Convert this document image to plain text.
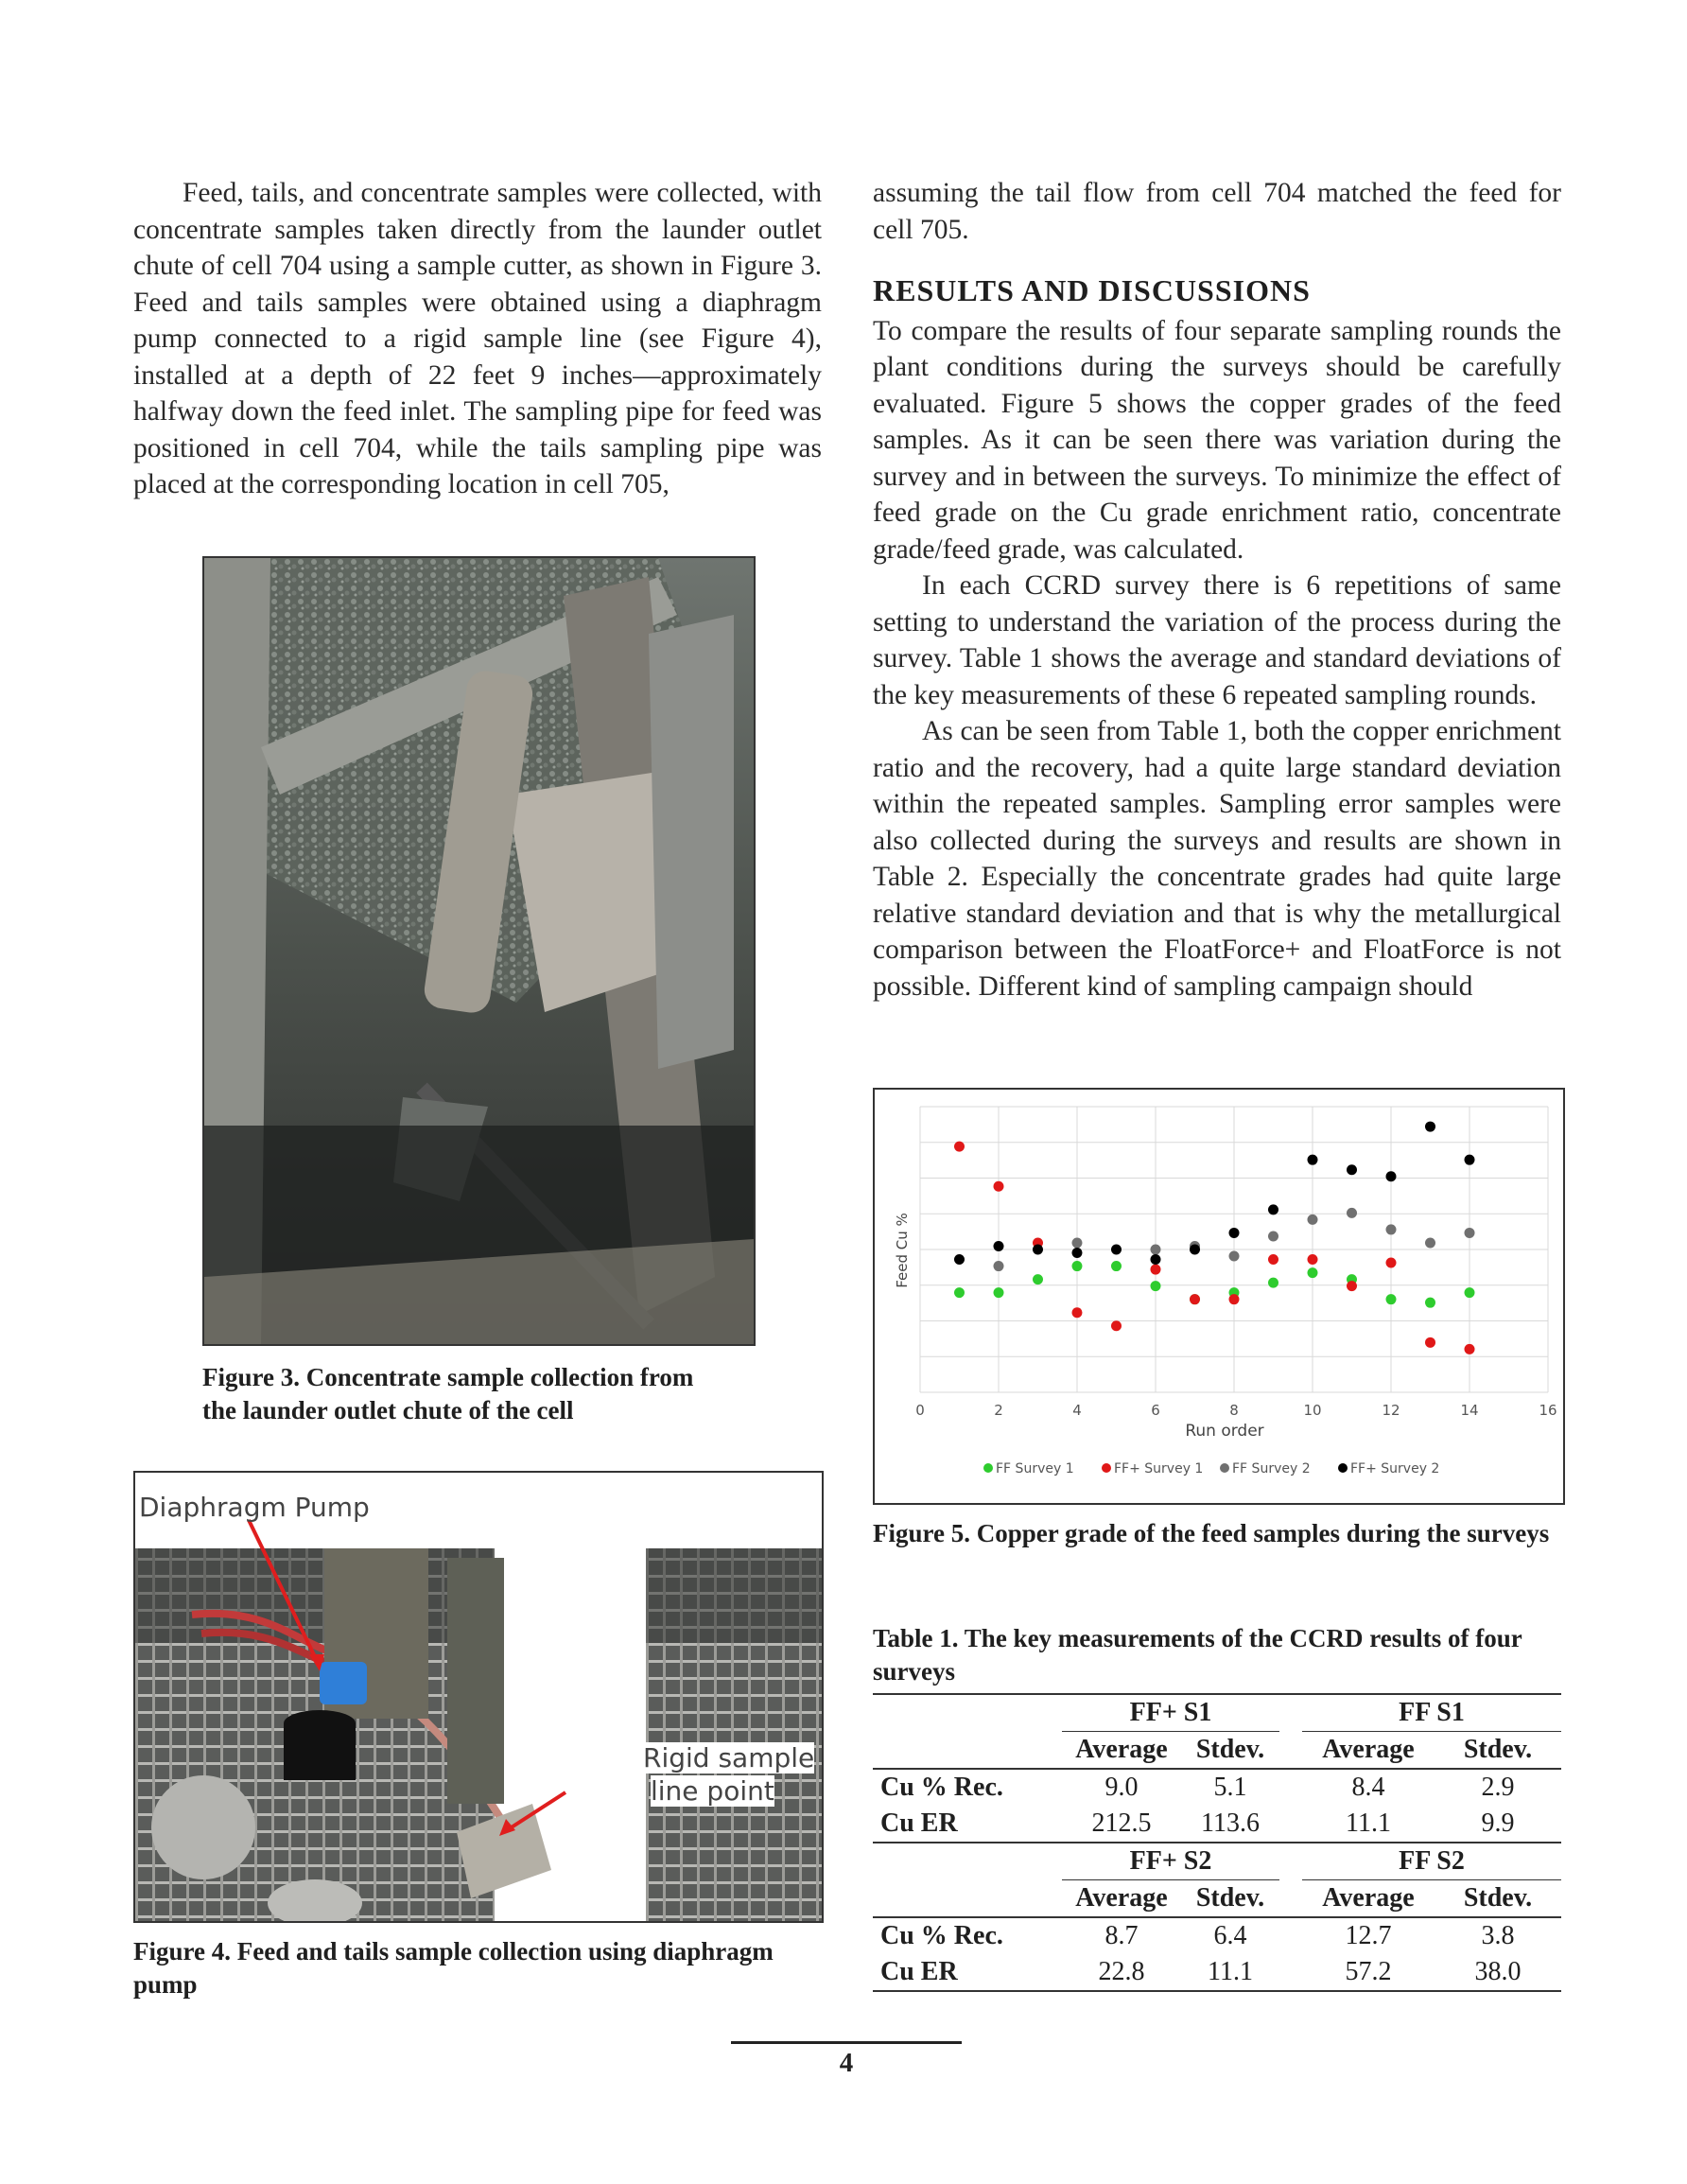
Feed, tails, and concentrate samples were collected, with concentrate samples taken directly from the launder outlet chute of cell 704 using a sample cutter, as shown in Figure 3. Feed and tails samples were obtained using a diaphragm pump connected to a rigid sample line (see Figure 4), installed at a depth of 22 feet 9 inches—approximately halfway down the feed inlet. The sampling pipe for feed was positioned in cell 704, while the tails sampling pipe was placed at the corresponding location in cell 705,

assuming the tail flow from cell 704 matched the feed for cell 705.

RESULTS AND DISCUSSIONS

To compare the results of four separate sampling rounds the plant conditions during the surveys should be carefully evaluated. Figure 5 shows the copper grades of the feed samples. As it can be seen there was variation during the survey and in between the surveys. To minimize the effect of feed grade on the Cu grade enrichment ratio, concentrate grade/feed grade, was calculated.

In each CCRD survey there is 6 repetitions of same setting to understand the variation of the process during the survey. Table 1 shows the average and standard deviations of the key measurements of these 6 repeated sampling rounds.

As can be seen from Table 1, both the copper enrichment ratio and the recovery, had a quite large standard deviation within the repeated samples. Sampling error samples were also collected during the surveys and results are shown in Table 2. Especially the concentrate grades had quite large relative standard deviation and that is why the metallurgical comparison between the FloatForce+ and FloatForce is not possible. Different kind of sampling campaign should

Figure 3. Concentrate sample collection from the launder outlet chute of the cell
Diaphragm Pump
Rigid sample
line point
Figure 4. Feed and tails sample collection using diaphragm pump
0	2	4	6	8	10	12	14	16
Feed Cu %
Run order
FF Survey 1	FF+ Survey 1 FF Survey 2	FF+ Survey 2
Figure 5. Copper grade of the feed samples during the surveys
Table 1. The key measurements of the CCRD results of four surveys
	FF+ S1			FF S1	
	Average	Stdev.		Average	Stdev.
Cu % Rec.	9.0	5.1		8.4	2.9
Cu ER	212.5	113.6		11.1	9.9
	FF+ S2			FF S2	
	Average	Stdev.		Average	Stdev.
Cu % Rec.	8.7	6.4		12.7	3.8
Cu ER	22.8	11.1		57.2	38.0
4
